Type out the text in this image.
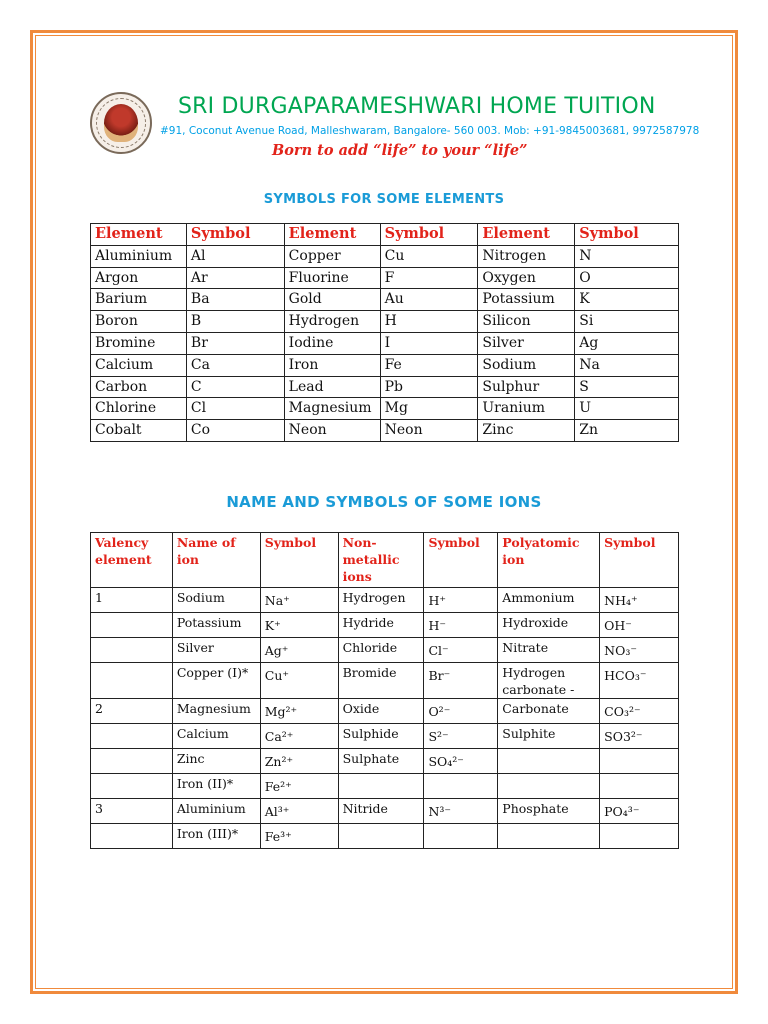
SRI DURGAPARAMESHWARI HOME TUITION
#91, Coconut Avenue Road, Malleshwaram, Bangalore- 560 003. Mob: +91-9845003681, 9972587978
Born to add “life” to your “life”
SYMBOLS FOR SOME ELEMENTS
Element	Symbol	Element	Symbol	Element	Symbol
Aluminium	Al	Copper	Cu	Nitrogen	N
Argon	Ar	Fluorine	F	Oxygen	O
Barium	Ba	Gold	Au	Potassium	K
Boron	B	Hydrogen	H	Silicon	Si
Bromine	Br	Iodine	I	Silver	Ag
Calcium	Ca	Iron	Fe	Sodium	Na
Carbon	C	Lead	Pb	Sulphur	S
Chlorine	Cl	Magnesium	Mg	Uranium	U
Cobalt	Co	Neon	Neon	Zinc	Zn
NAME AND SYMBOLS OF SOME IONS
Valency element	Name of ion	Symbol	Non-metallic ions	Symbol	Polyatomic ion	Symbol
1	Sodium	Na⁺	Hydrogen	H⁺	Ammonium	NH₄⁺
	Potassium	K⁺	Hydride	H⁻	Hydroxide	OH⁻
	Silver	Ag⁺	Chloride	Cl⁻	Nitrate	NO₃⁻
	Copper (I)*	Cu⁺	Bromide	Br⁻	Hydrogen carbonate -	HCO₃⁻
2	Magnesium	Mg²⁺	Oxide	O²⁻	Carbonate	CO₃²⁻
	Calcium	Ca²⁺	Sulphide	S²⁻	Sulphite	SO3²⁻
	Zinc	Zn²⁺	Sulphate	SO₄²⁻		
	Iron (II)*	Fe²⁺				
3	Aluminium	Al³⁺	Nitride	N³⁻	Phosphate	PO₄³⁻
	Iron (III)*	Fe³⁺				
